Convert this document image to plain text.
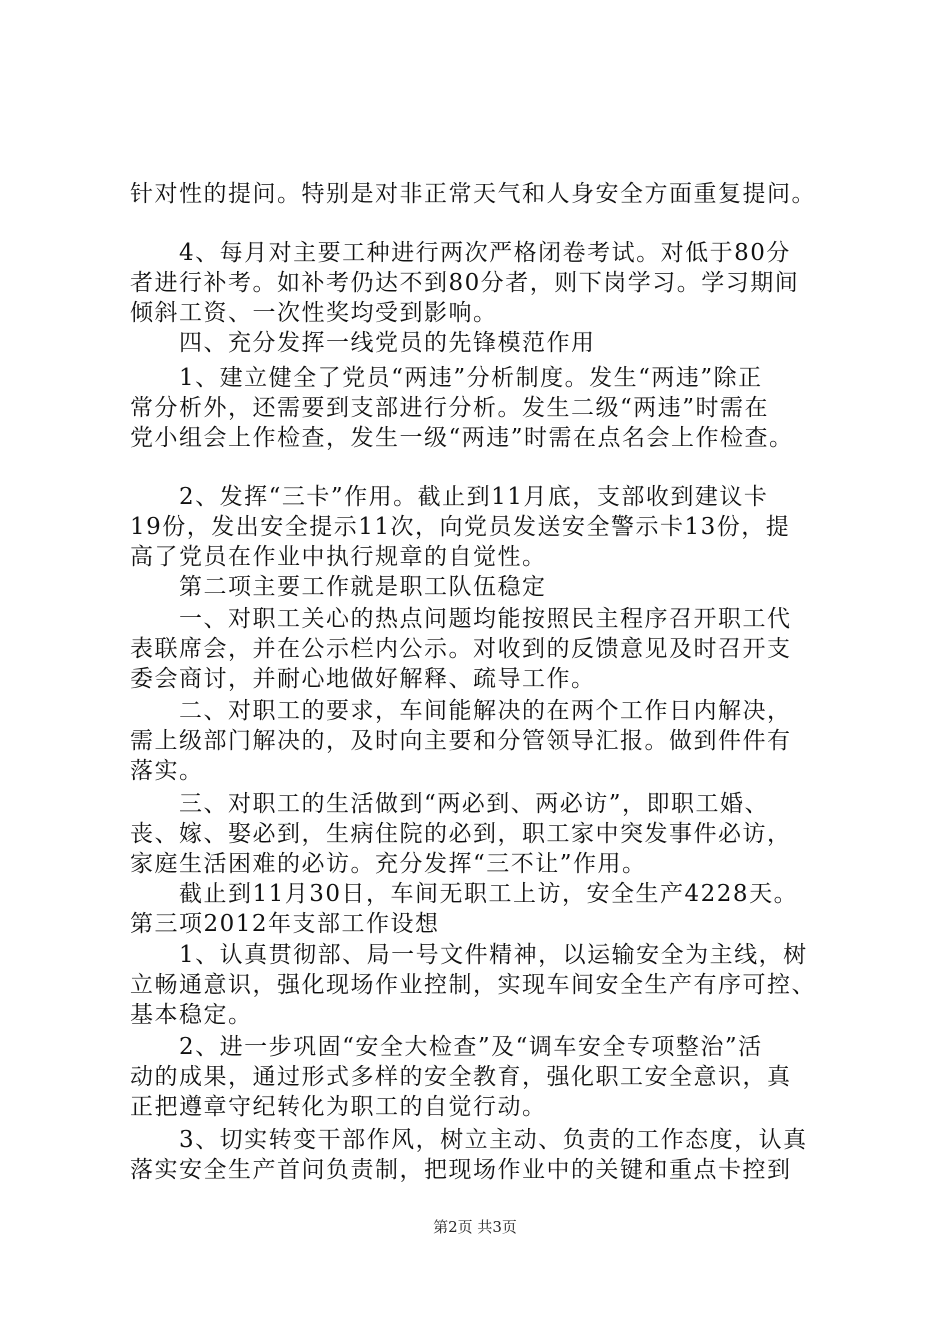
针对性的提问。特别是对非正常天气和人身安全方面重复提问。
　　4、每月对主要工种进行两次严格闭卷考试。对低于80分
者进行补考。如补考仍达不到80分者，则下岗学习。学习期间
倾斜工资、一次性奖均受到影响。
　　四、充分发挥一线党员的先锋模范作用
　　1、建立健全了党员“两违”分析制度。发生“两违”除正
常分析外，还需要到支部进行分析。发生二级“两违”时需在
党小组会上作检查，发生一级“两违”时需在点名会上作检查。
　　2、发挥“三卡”作用。截止到11月底，支部收到建议卡
19份，发出安全提示11次，向党员发送安全警示卡13份，提
高了党员在作业中执行规章的自觉性。
　　第二项主要工作就是职工队伍稳定
　　一、对职工关心的热点问题均能按照民主程序召开职工代
表联席会，并在公示栏内公示。对收到的反馈意见及时召开支
委会商讨，并耐心地做好解释、疏导工作。
　　二、对职工的要求，车间能解决的在两个工作日内解决，
需上级部门解决的，及时向主要和分管领导汇报。做到件件有
落实。
　　三、对职工的生活做到“两必到、两必访”，即职工婚、
丧、嫁、娶必到，生病住院的必到，职工家中突发事件必访，
家庭生活困难的必访。充分发挥“三不让”作用。
　　截止到11月30日，车间无职工上访，安全生产4228天。
第三项2012年支部工作设想
　　1、认真贯彻部、局一号文件精神，以运输安全为主线，树
立畅通意识，强化现场作业控制，实现车间安全生产有序可控、
基本稳定。
　　2、进一步巩固“安全大检查”及“调车安全专项整治”活
动的成果，通过形式多样的安全教育，强化职工安全意识，真
正把遵章守纪转化为职工的自觉行动。
　　3、切实转变干部作风，树立主动、负责的工作态度，认真
落实安全生产首问负责制，把现场作业中的关键和重点卡控到
第2页 共3页
